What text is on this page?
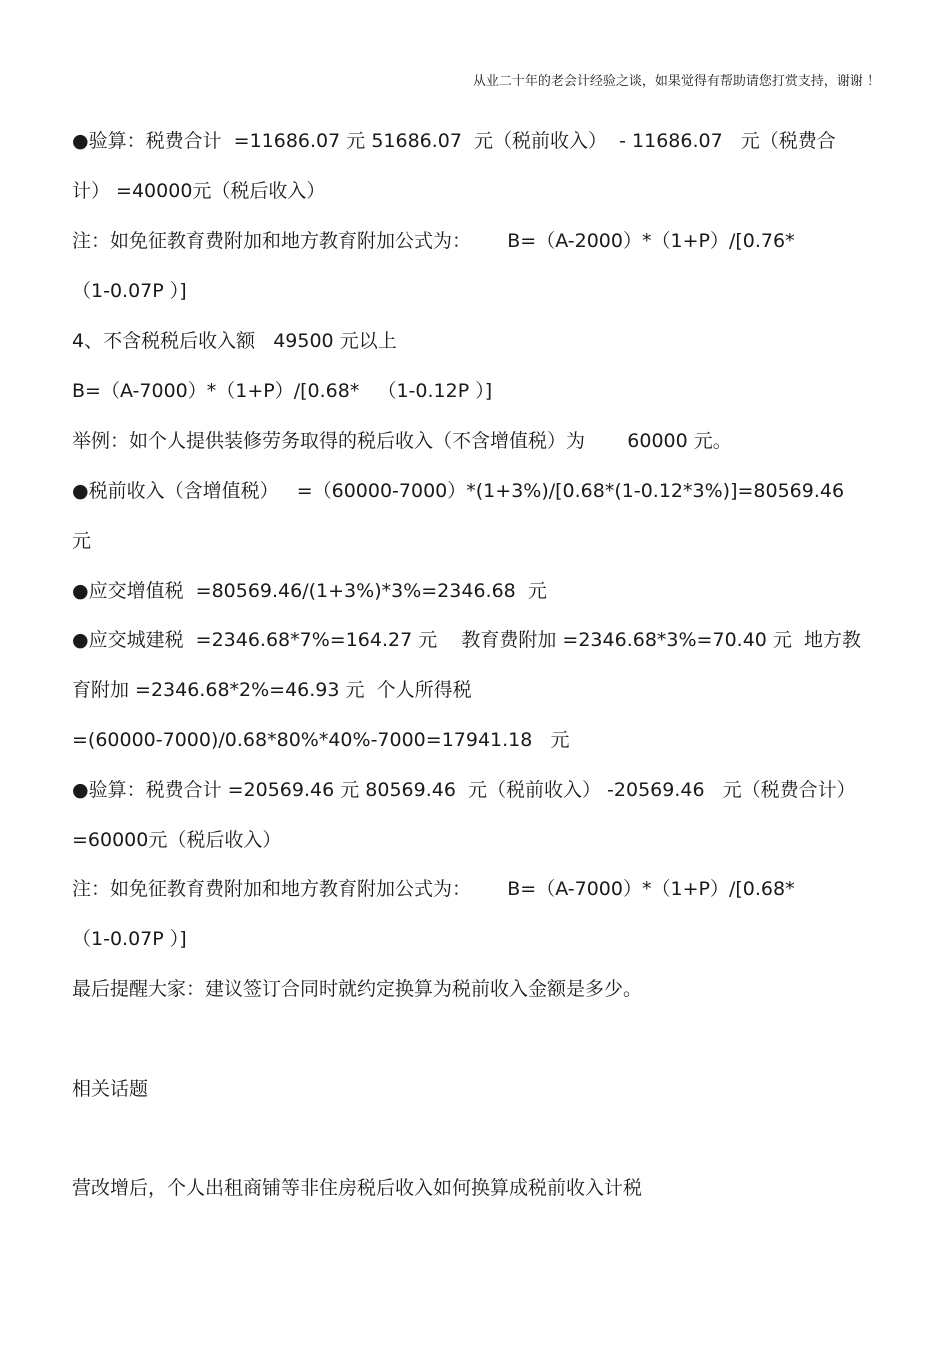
从业二十年的老会计经验之谈，如果觉得有帮助请您打赏支持，谢谢 ！
●验算：税费合计  =11686.07 元 51686.07  元（税前收入）  - 11686.07   元（税费合
计） =40000元（税后收入）
注：如免征教育费附加和地方教育附加公式为：      B=（A-2000）*（1+P）/[0.76*
（1-0.07P ）]
4、不含税税后收入额   49500 元以上
B=（A-7000）*（1+P）/[0.68*   （1-0.12P ）]
举例：如个人提供装修劳务取得的税后收入（不含增值税）为       60000 元。
●税前收入（含增值税）   =（60000-7000）*(1+3%)/[0.68*(1-0.12*3%)]=80569.46
元
●应交增值税  =80569.46/(1+3%)*3%=2346.68  元
●应交城建税  =2346.68*7%=164.27 元    教育费附加 =2346.68*3%=70.40 元  地方教
育附加 =2346.68*2%=46.93 元  个人所得税
=(60000-7000)/0.68*80%*40%-7000=17941.18   元
●验算：税费合计 =20569.46 元 80569.46  元（税前收入） -20569.46   元（税费合计）
=60000元（税后收入）
注：如免征教育费附加和地方教育附加公式为：      B=（A-7000）*（1+P）/[0.68*
（1-0.07P ）]
最后提醒大家：建议签订合同时就约定换算为税前收入金额是多少。
相关话题
营改增后，个人出租商铺等非住房税后收入如何换算成税前收入计税
